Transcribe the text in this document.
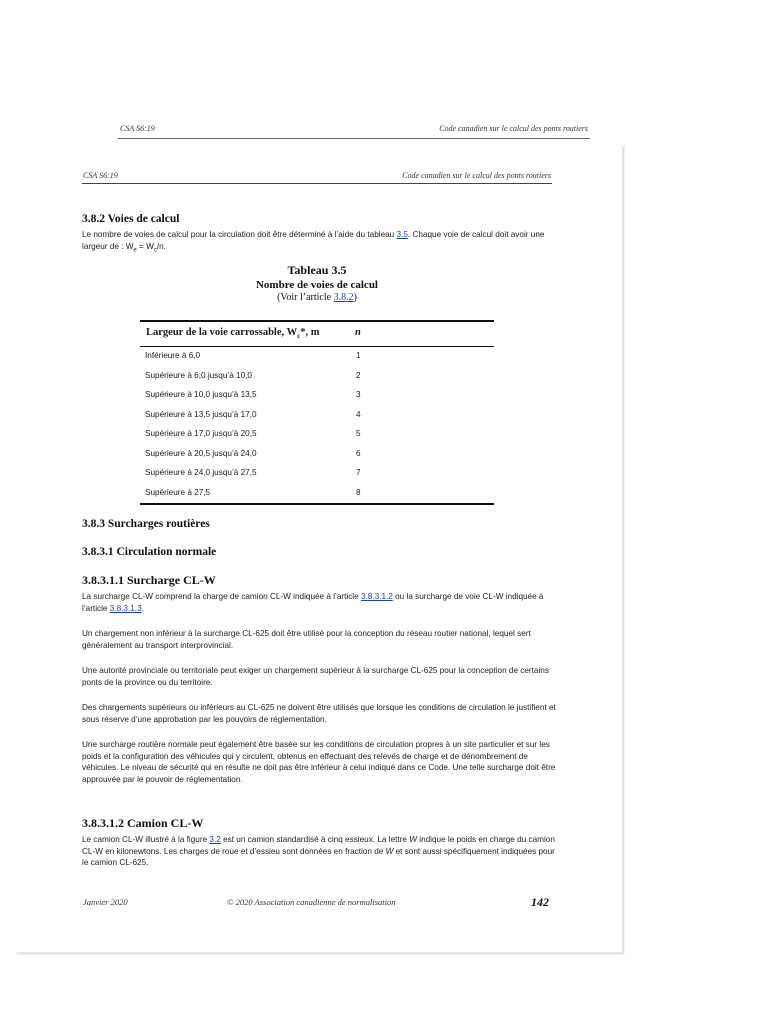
CSA S6:19	Code canadien sur le calcul des ponts routiers
CSA S6:19	Code canadien sur le calcul des ponts routiers
3.8.2 Voies de calcul
Le nombre de voies de calcul pour la circulation doit être déterminé à l’aide du tableau 3.5. Chaque voie de calcul doit avoir une largeur de : $W_e = W_c/n$.
Tableau 3.5
Nombre de voies de calcul
(Voir l’article 3.8.2)
Largeur de la voie carrossable, $W_c*$, m	n
Inférieure à 6,0	1
Supérieure à 6,0 jusqu’à 10,0	2
Supérieure à 10,0 jusqu’à 13,5	3
Supérieure à 13,5 jusqu’à 17,0	4
Supérieure à 17,0 jusqu’à 20,5	5
Supérieure à 20,5 jusqu’à 24,0	6
Supérieure à 24,0 jusqu’à 27,5	7
Supérieure à 27,5	8
3.8.3 Surcharges routières
3.8.3.1 Circulation normale
3.8.3.1.1 Surcharge CL-W
La surcharge CL-W comprend la charge de camion CL-W indiquée à l’article 3.8.3.1.2 ou la surcharge de voie CL-W indiquée à l’article 3.8.3.1.3.
Un chargement non inférieur à la surcharge CL-625 doit être utilisé pour la conception du réseau routier national, lequel sert généralement au transport interprovincial.
Une autorité provinciale ou territoriale peut exiger un chargement supérieur à la surcharge CL-625 pour la conception de certains ponts de la province ou du territoire.
Des chargements supérieurs ou inférieurs au CL-625 ne doivent être utilisés que lorsque les conditions de circulation le justifient et sous réserve d’une approbation par les pouvoirs de réglementation.
Une surcharge routière normale peut également être basée sur les conditions de circulation propres à un site particulier et sur les poids et la configuration des véhicules qui y circulent, obtenus en effectuant des relevés de charge et de dénombrement de véhicules. Le niveau de sécurité qui en résulte ne doit pas être inférieur à celui indiqué dans ce Code. Une telle surcharge doit être approuvée par le pouvoir de réglementation.
3.8.3.1.2 Camion CL-W
Le camion CL-W illustré à la figure 3.2 est un camion standardisé à cinq essieux. La lettre W indique le poids en charge du camion CL-W en kilonewtons. Les charges de roue et d’essieu sont données en fraction de W et sont aussi spécifiquement indiquées pour le camion CL-625.
Janvier 2020	© 2020 Association canadienne de normalisation	142
